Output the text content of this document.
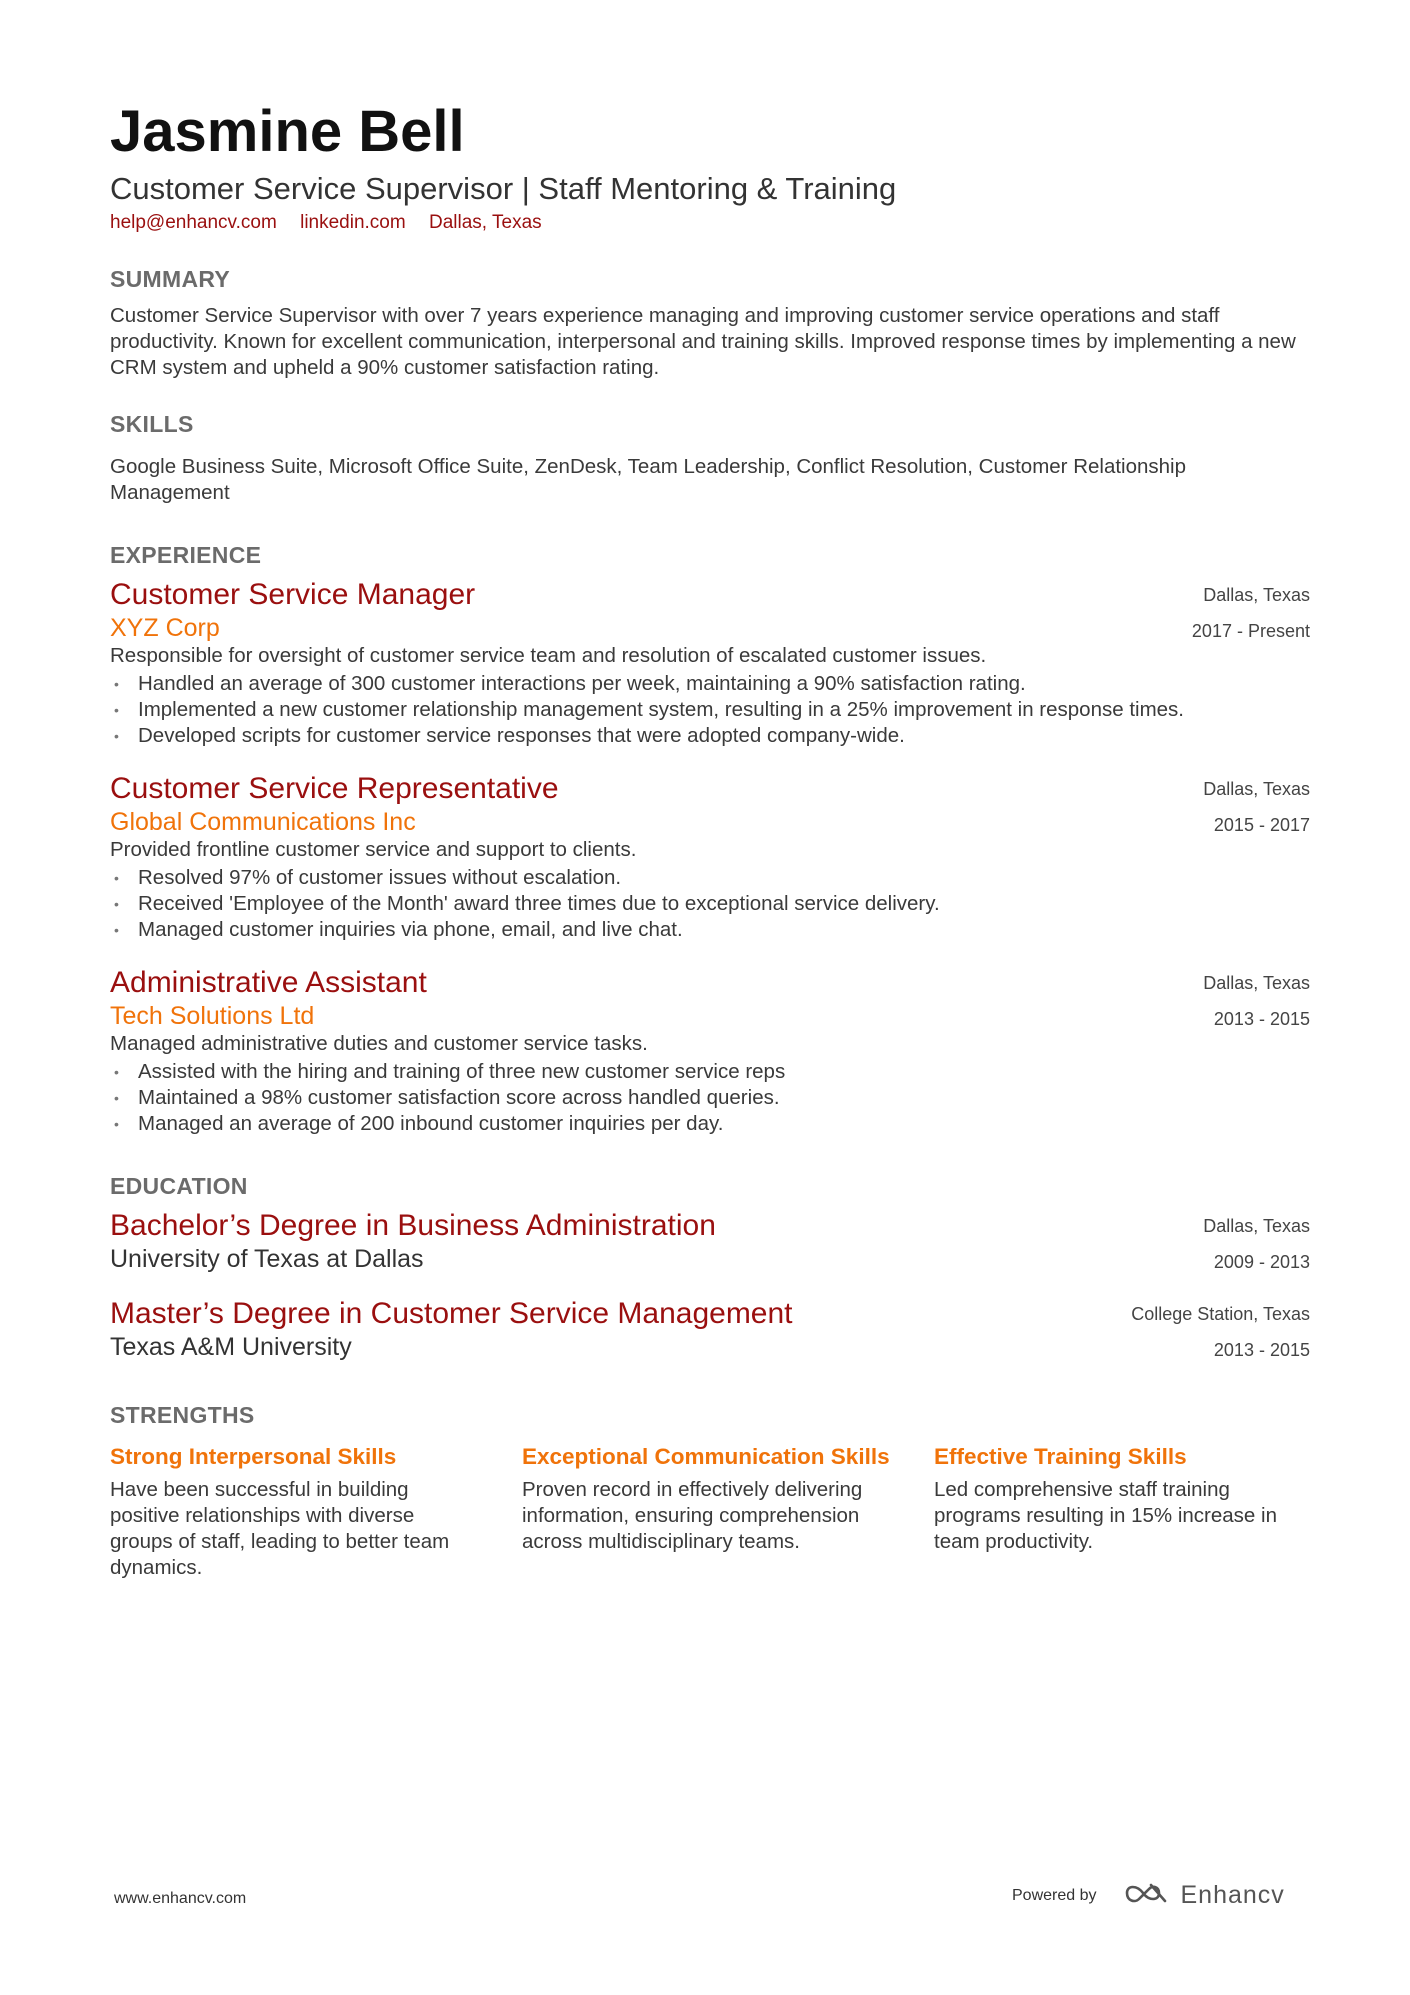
Jasmine Bell
Customer Service Supervisor | Staff Mentoring & Training
help@enhancv.com linkedin.com Dallas, Texas
SUMMARY
Customer Service Supervisor with over 7 years experience managing and improving customer service operations and staff productivity. Known for excellent communication, interpersonal and training skills. Improved response times by implementing a new CRM system and upheld a 90% customer satisfaction rating.
SKILLS
Google Business Suite, Microsoft Office Suite, ZenDesk, Team Leadership, Conflict Resolution, Customer Relationship Management
EXPERIENCE
Customer Service Manager
XYZ Corp
Dallas, Texas
2017 - Present
Responsible for oversight of customer service team and resolution of escalated customer issues.
• Handled an average of 300 customer interactions per week, maintaining a 90% satisfaction rating.
• Implemented a new customer relationship management system, resulting in a 25% improvement in response times.
• Developed scripts for customer service responses that were adopted company-wide.
Customer Service Representative
Global Communications Inc
Dallas, Texas
2015 - 2017
Provided frontline customer service and support to clients.
• Resolved 97% of customer issues without escalation.
• Received 'Employee of the Month' award three times due to exceptional service delivery.
• Managed customer inquiries via phone, email, and live chat.
Administrative Assistant
Tech Solutions Ltd
Dallas, Texas
2013 - 2015
Managed administrative duties and customer service tasks.
• Assisted with the hiring and training of three new customer service reps
• Maintained a 98% customer satisfaction score across handled queries.
• Managed an average of 200 inbound customer inquiries per day.
EDUCATION
Bachelor’s Degree in Business Administration
University of Texas at Dallas
Dallas, Texas
2009 - 2013
Master’s Degree in Customer Service Management
Texas A&M University
College Station, Texas
2013 - 2015
STRENGTHS
Strong Interpersonal Skills
Have been successful in building positive relationships with diverse groups of staff, leading to better team dynamics.
Exceptional Communication Skills
Proven record in effectively delivering information, ensuring comprehension across multidisciplinary teams.
Effective Training Skills
Led comprehensive staff training programs resulting in 15% increase in team productivity.
www.enhancv.com	Powered by	Enhancv
